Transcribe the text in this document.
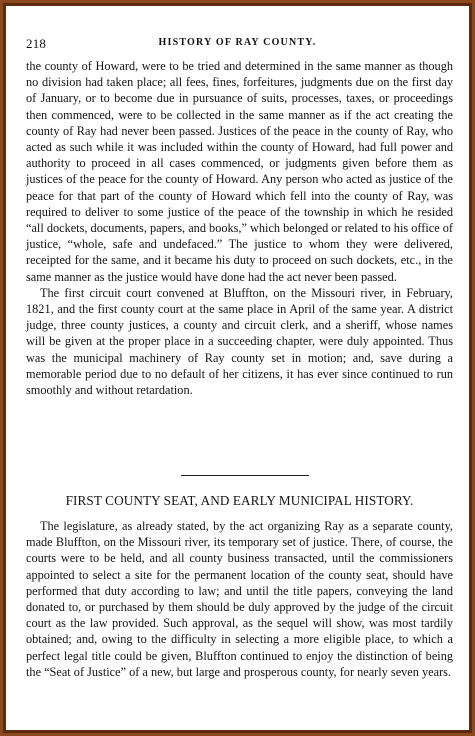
218	HISTORY OF RAY COUNTY.

the county of Howard, were to be tried and determined in the same manner as though no division had taken place; all fees, fines, forfeitures, judgments due on the first day of January, or to become due in pursuance of suits, processes, taxes, or proceedings then commenced, were to be collected in the same manner as if the act creating the county of Ray had never been passed. Justices of the peace in the county of Ray, who acted as such while it was included within the county of Howard, had full power and authority to proceed in all cases commenced, or judgments given before them as justices of the peace for the county of Howard. Any person who acted as justice of the peace for that part of the county of Howard which fell into the county of Ray, was required to deliver to some justice of the peace of the township in which he resided “all dockets, documents, papers, and books,” which belonged or related to his office of justice, “whole, safe and undefaced.” The justice to whom they were delivered, receipted for the same, and it became his duty to proceed on such dockets, etc., in the same manner as the justice would have done had the act never been passed.

The first circuit court convened at Bluffton, on the Missouri river, in February, 1821, and the first county court at the same place in April of the same year. A district judge, three county justices, a county and circuit clerk, and a sheriff, whose names will be given at the proper place in a succeeding chapter, were duly appointed. Thus was the municipal machinery of Ray county set in motion; and, save during a memorable period due to no default of her citizens, it has ever since continued to run smoothly and without retardation.

FIRST COUNTY SEAT, AND EARLY MUNICIPAL HISTORY.

The legislature, as already stated, by the act organizing Ray as a separate county, made Bluffton, on the Missouri river, its temporary set of justice. There, of course, the courts were to be held, and all county business transacted, until the commissioners appointed to select a site for the permanent location of the county seat, should have performed that duty according to law; and until the title papers, conveying the land donated to, or purchased by them should be duly approved by the judge of the circuit court as the law provided. Such approval, as the sequel will show, was most tardily obtained; and, owing to the difficulty in selecting a more eligible place, to which a perfect legal title could be given, Bluffton continued to enjoy the distinction of being the “Seat of Justice” of a new, but large and prosperous county, for nearly seven years.
